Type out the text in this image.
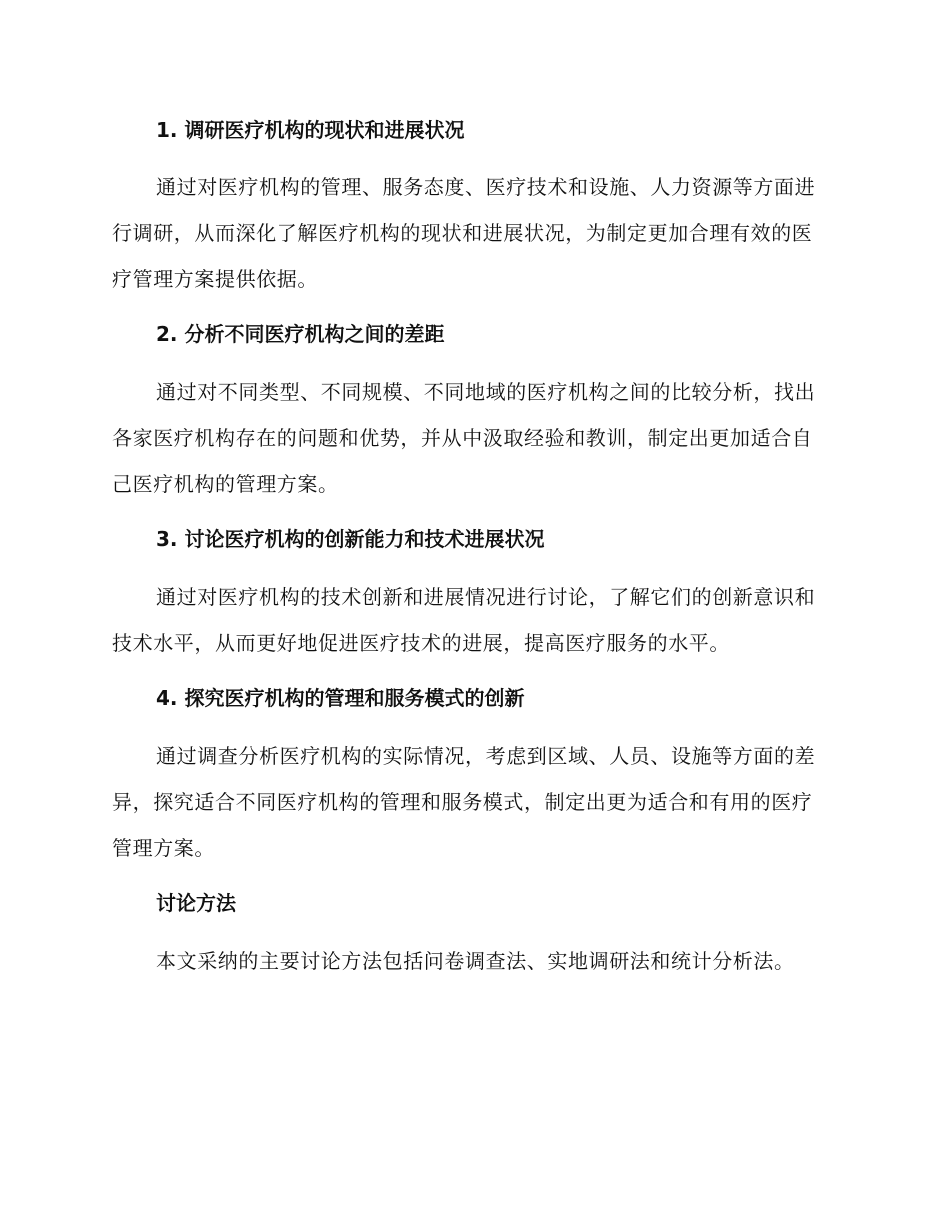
1. 调研医疗机构的现状和进展状况
通过对医疗机构的管理、服务态度、医疗技术和设施、人力资源等方面进行调研，从而深化了解医疗机构的现状和进展状况，为制定更加合理有效的医疗管理方案提供依据。
2. 分析不同医疗机构之间的差距
通过对不同类型、不同规模、不同地域的医疗机构之间的比较分析，找出各家医疗机构存在的问题和优势，并从中汲取经验和教训，制定出更加适合自己医疗机构的管理方案。
3. 讨论医疗机构的创新能力和技术进展状况
通过对医疗机构的技术创新和进展情况进行讨论，了解它们的创新意识和技术水平，从而更好地促进医疗技术的进展，提高医疗服务的水平。
4. 探究医疗机构的管理和服务模式的创新
通过调查分析医疗机构的实际情况，考虑到区域、人员、设施等方面的差异，探究适合不同医疗机构的管理和服务模式，制定出更为适合和有用的医疗管理方案。
讨论方法
本文采纳的主要讨论方法包括问卷调查法、实地调研法和统计分析法。
